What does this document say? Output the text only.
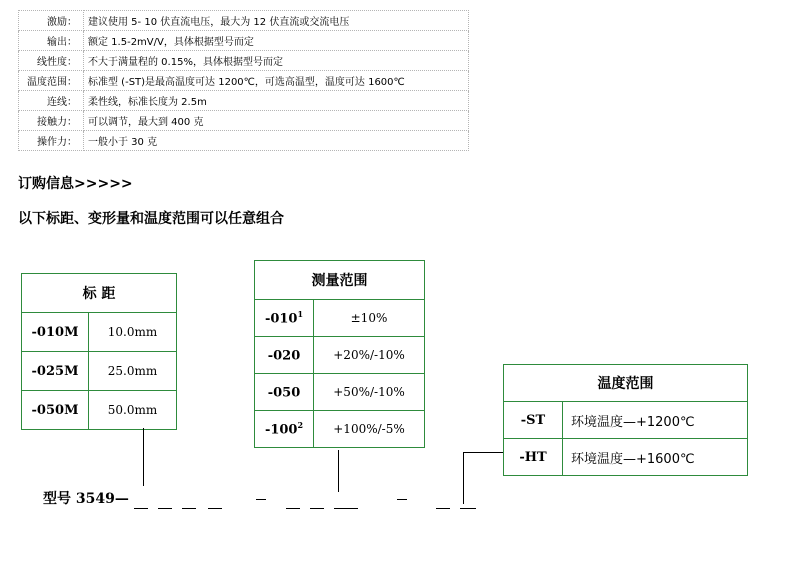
激励：	建议使用 5- 10 伏直流电压，最大为 12 伏直流或交流电压
输出：	额定 1.5-2mV/V，具体根据型号而定
线性度：	不大于满量程的 0.15%，具体根据型号而定
温度范围：	标准型 (-ST)是最高温度可达 1200℃，可选高温型，温度可达 1600℃
连线：	柔性线，标准长度为 2.5m
接触力：	可以调节，最大到 400 克
操作力：	一般小于 30 克
订购信息>>>>>
以下标距、变形量和温度范围可以任意组合
标 距	
-010M	10.0mm
-025M	25.0mm
-050M	50.0mm
测量范围	
$-010^1$	±10%
-020	+20%/-10%
-050	+50%/-10%
$-100^2$	+100%/-5%
温度范围	
-ST	环境温度—+1200℃
-HT	环境温度—+1600℃
型号 3549—
